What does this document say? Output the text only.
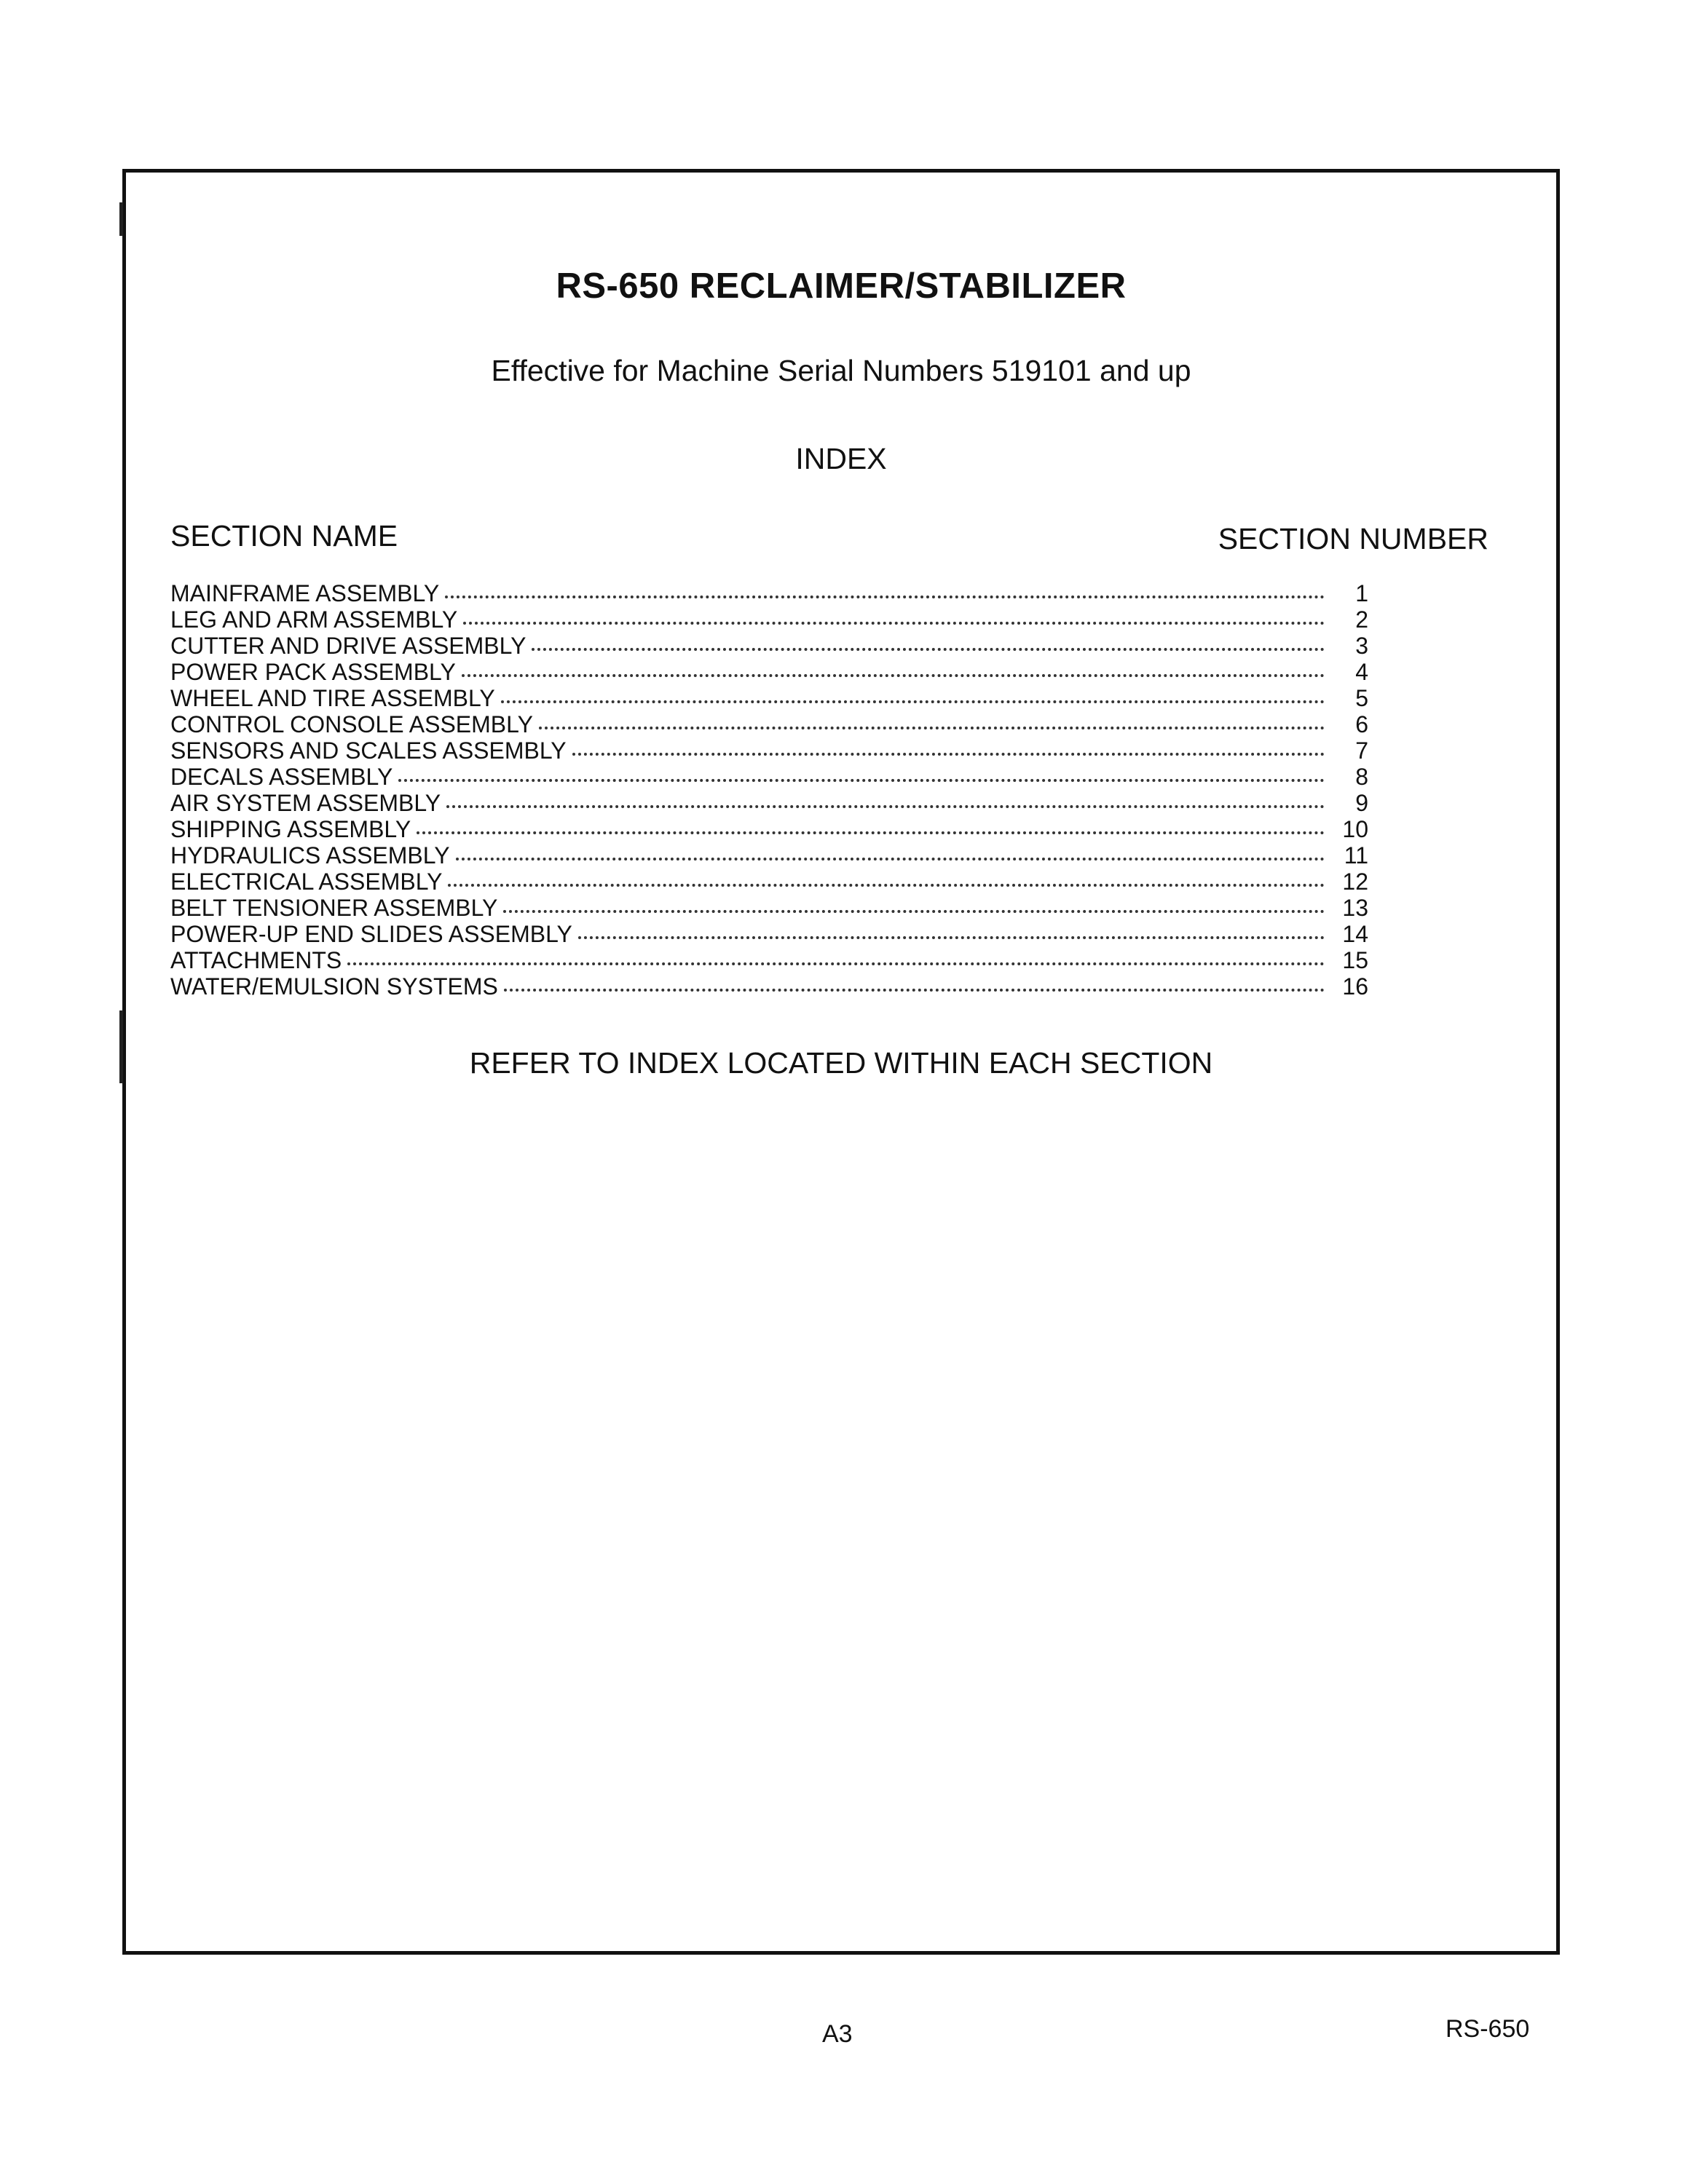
RS-650 RECLAIMER/STABILIZER
Effective for Machine Serial Numbers 519101 and up
INDEX
SECTION NAME	SECTION NUMBER
MAINFRAME ASSEMBLY	1
LEG AND ARM ASSEMBLY	2
CUTTER AND DRIVE ASSEMBLY	3
POWER PACK ASSEMBLY	4
WHEEL AND TIRE ASSEMBLY	5
CONTROL CONSOLE ASSEMBLY	6
SENSORS AND SCALES ASSEMBLY	7
DECALS ASSEMBLY	8
AIR SYSTEM ASSEMBLY	9
SHIPPING ASSEMBLY	10
HYDRAULICS ASSEMBLY	11
ELECTRICAL ASSEMBLY	12
BELT TENSIONER ASSEMBLY	13
POWER-UP END SLIDES ASSEMBLY	14
ATTACHMENTS	15
WATER/EMULSION SYSTEMS	16
REFER TO INDEX LOCATED WITHIN EACH SECTION
A3	RS-650
